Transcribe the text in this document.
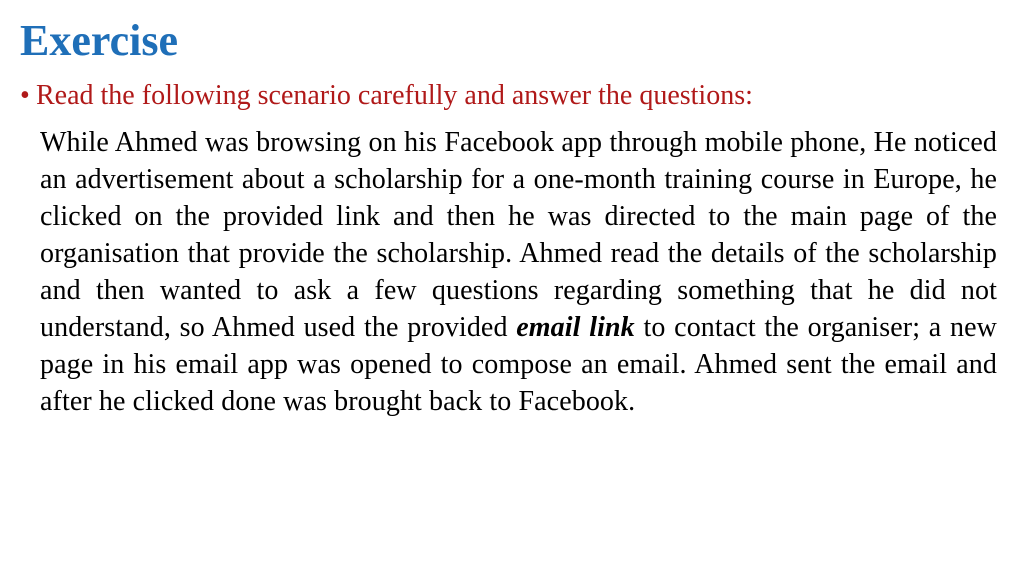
Exercise
• Read the following scenario carefully and answer the questions:

While Ahmed was browsing on his Facebook app through mobile phone, He noticed an advertisement about a scholarship for a one-month training course in Europe, he clicked on the provided link and then he was directed to the main page of the organisation that provide the scholarship. Ahmed read the details of the scholarship and then wanted to ask a few questions regarding something that he did not understand, so Ahmed used the provided email link to contact the organiser; a new page in his email app was opened to compose an email. Ahmed sent the email and after he clicked done was brought back to Facebook.
